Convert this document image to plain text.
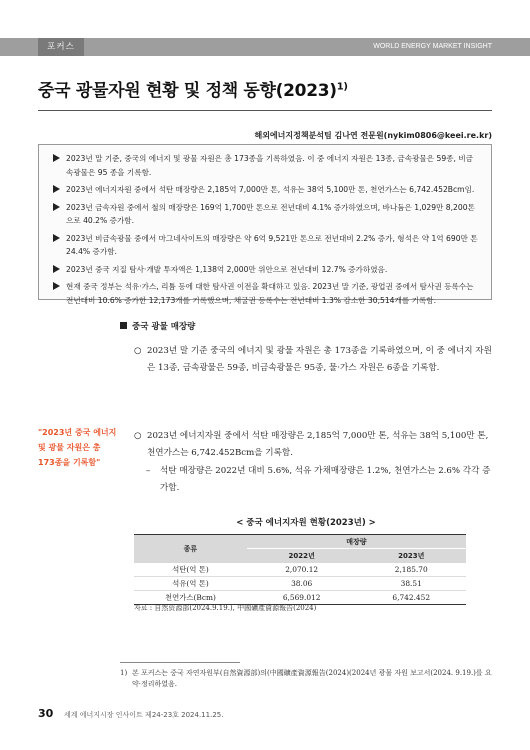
포커스	WORLD ENERGY MARKET INSIGHT
중국 광물자원 현황 및 정책 동향$(2023)^{1)}$
해외에너지정책분석팀 김나연 전문원(nykim0806@keei.re.kr)
2023년 말 기준, 중국의 에너지 및 광물 자원은 총 173종을 기록하였음. 이 중 에너지 자원은 13종, 금속광물은 59종, 비금속광물은 95 종을 기록함.
2023년 에너지자원 중에서 석탄 매장량은 2,185억 7,000만 톤, 석유는 38억 5,100만 톤, 천연가스는 6,742.452Bcm임.
2023년 금속자원 중에서 철의 매장량은 169억 1,700만 톤으로 전년대비 4.1% 증가하였으며, 바나듐은 1,029만 8,200톤으로 40.2% 증가함.
2023년 비금속광물 중에서 마그네사이트의 매장량은 약 6억 9,521만 톤으로 전년대비 2.2% 증가, 형석은 약 1억 690만 톤 24.4% 증가함.
2023년 중국 지질 탐사·개발 투자액은 1,138억 2,000만 위안으로 전년대비 12.7% 증가하였음.
현재 중국 정부는 석유·가스, 리튬 등에 대한 탐사권 이전을 확대하고 있음. 2023년 말 기준, 광업권 중에서 탐사권 등록수는 전년대비 10.6% 증가한 12,173개를 기록했으며, 채굴권 등록수는 전년대비 1.3% 감소한 30,514개를 기록함.
중국 광물 매장량
"2023년 중국 에너지 및 광물 자원은 총 173종을 기록함"
○ 2023년 말 기준 중국의 에너지 및 광물 자원은 총 173종을 기록하였으며, 이 중 에너지 자원은 13종, 금속광물은 59종, 비금속광물은 95종, 물·가스 자원은 6종을 기록함.
○ 2023년 에너지자원 중에서 석탄 매장량은 2,185억 7,000만 톤, 석유는 38억 5,100만 톤, 천연가스는 6,742.452Bcm을 기록함.
– 석탄 매장량은 2022년 대비 5.6%, 석유 가채매장량은 1.2%, 천연가스는 2.6% 각각 증가함.
< 중국 에너지자원 현황(2023년) >
종류	매장량	
	2022년	2023년
석탄(억 톤)	2,070.12	2,185.70
석유(억 톤)	38.06	38.51
천연가스(Bcm)	6,569.012	6,742.452
자료 : 自然资源部(2024.9.19.), 中國礦產資源報告(2024)
1) 본 포커스는 중국 자연자원부(自然資源部)의(中國礦產資源報告(2024)(2024년 광물 자원 보고서(2024. 9.19.)를 요약·정리하였음.
30 세계 에너지시장 인사이트 제24-23호 2024.11.25.
